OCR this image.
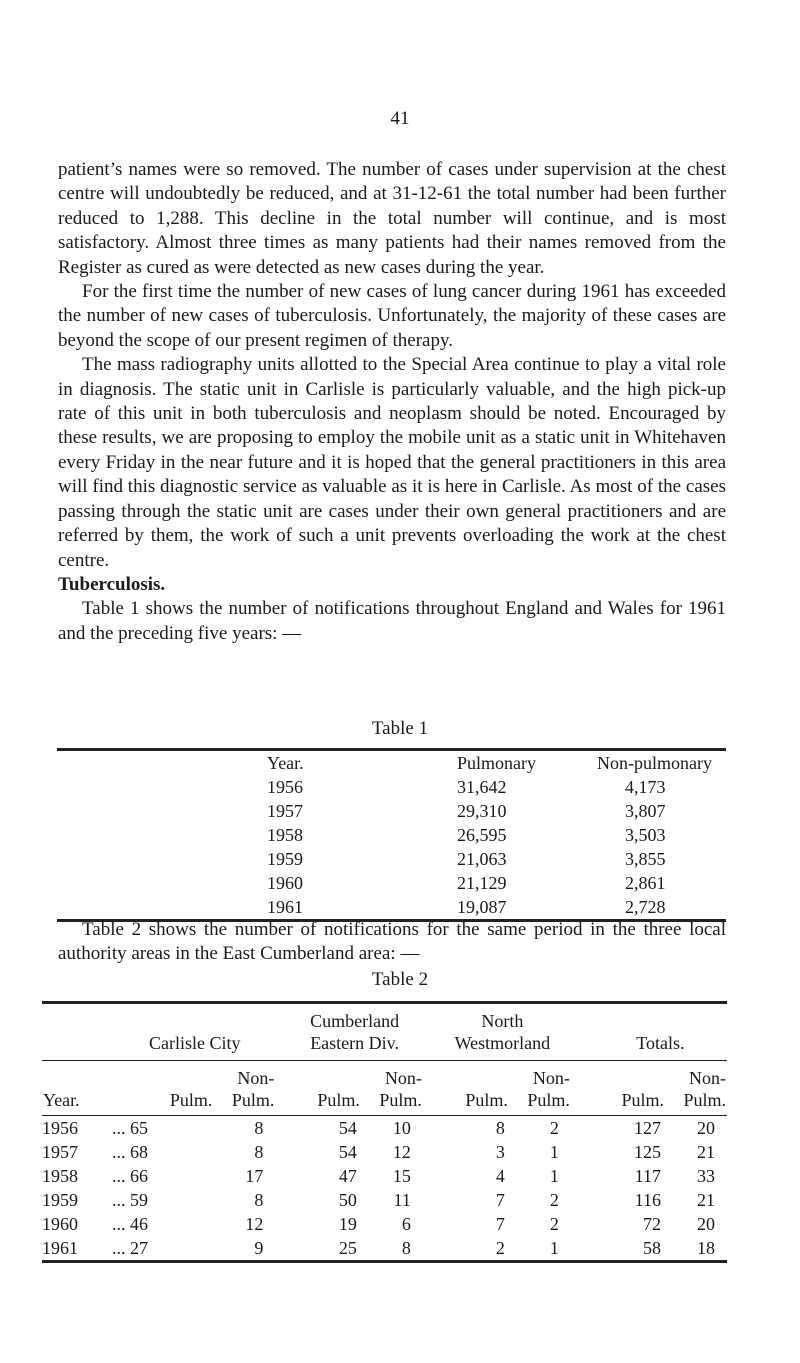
41

patient’s names were so removed. The number of cases under supervision at the chest centre will undoubtedly be reduced, and at 31-12-61 the total number had been further reduced to 1,288. This decline in the total number will continue, and is most satisfactory. Almost three times as many patients had their names removed from the Register as cured as were detected as new cases during the year.

For the first time the number of new cases of lung cancer during 1961 has exceeded the number of new cases of tuberculosis. Unfortunately, the majority of these cases are beyond the scope of our present regimen of therapy.

The mass radiography units allotted to the Special Area continue to play a vital role in diagnosis. The static unit in Carlisle is particularly valuable, and the high pick-up rate of this unit in both tuberculosis and neoplasm should be noted. Encouraged by these results, we are proposing to employ the mobile unit as a static unit in Whitehaven every Friday in the near future and it is hoped that the general practitioners in this area will find this diagnostic service as valuable as it is here in Carlisle. As most of the cases passing through the static unit are cases under their own general practitioners and are referred by them, the work of such a unit prevents overloading the work at the chest centre.

Tuberculosis.

Table 1 shows the number of notifications throughout England and Wales for 1961 and the preceding five years: —

Table 1
Year.	Pulmonary	Non-pulmonary
1956	31,642	4,173
1957	29,310	3,807
1958	26,595	3,503
1959	21,063	3,855
1960	21,129	2,861
1961	19,087	2,728

Table 2 shows the number of notifications for the same period in the three local authority areas in the East Cumberland area: —

Table 2
	Carlisle City		Cumberland Eastern Div.		North Westmorland		Totals.	
Year.	Pulm.	Non- Pulm.	Pulm.	Non- Pulm.	Pulm.	Non- Pulm.	Pulm.	Non- Pulm.
1956	... 65	8	54	10	8	2	127	20
1957	... 68	8	54	12	3	1	125	21
1958	... 66	17	47	15	4	1	117	33
1959	... 59	8	50	11	7	2	116	21
1960	... 46	12	19	6	7	2	72	20
1961	... 27	9	25	8	2	1	58	18
